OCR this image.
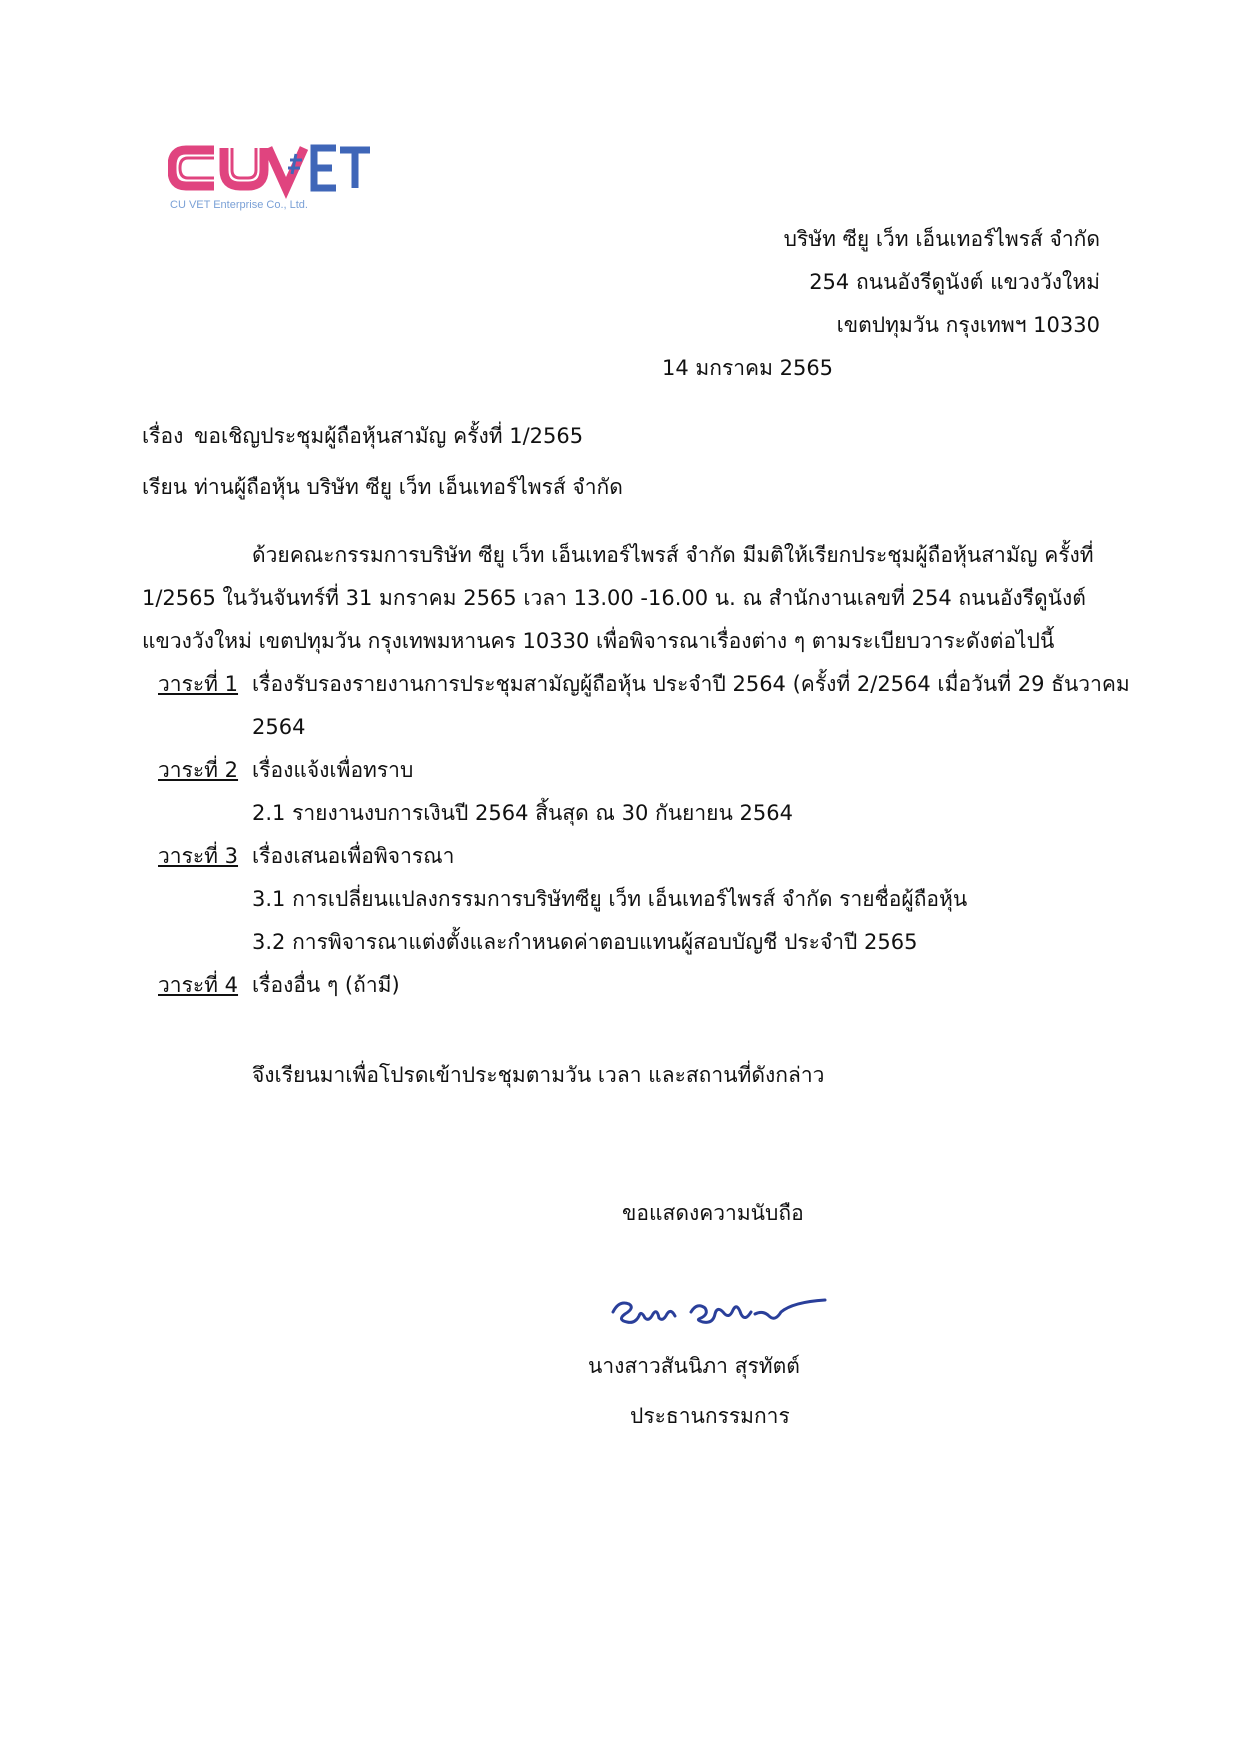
CU VET Enterprise Co., Ltd.
บริษัท ซียู เว็ท เอ็นเทอร์ไพรส์ จำกัด
254 ถนนอังรีดูนังต์ แขวงวังใหม่
เขตปทุมวัน กรุงเทพฯ 10330
14 มกราคม 2565
เรื่อง ขอเชิญประชุมผู้ถือหุ้นสามัญ ครั้งที่ 1/2565
เรียน ท่านผู้ถือหุ้น บริษัท ซียู เว็ท เอ็นเทอร์ไพรส์ จำกัด
ด้วยคณะกรรมการบริษัท ซียู เว็ท เอ็นเทอร์ไพรส์ จำกัด มีมติให้เรียกประชุมผู้ถือหุ้นสามัญ ครั้งที่
1/2565 ในวันจันทร์ที่ 31 มกราคม 2565 เวลา 13.00 -16.00 น. ณ สำนักงานเลขที่ 254 ถนนอังรีดูนังต์
แขวงวังใหม่ เขตปทุมวัน กรุงเทพมหานคร 10330 เพื่อพิจารณาเรื่องต่าง ๆ ตามระเบียบวาระดังต่อไปนี้
วาระที่ 1 เรื่องรับรองรายงานการประชุมสามัญผู้ถือหุ้น ประจำปี 2564 (ครั้งที่ 2/2564 เมื่อวันที่ 29 ธันวาคม
2564
วาระที่ 2 เรื่องแจ้งเพื่อทราบ
2.1 รายงานงบการเงินปี 2564 สิ้นสุด ณ 30 กันยายน 2564
วาระที่ 3 เรื่องเสนอเพื่อพิจารณา
3.1 การเปลี่ยนแปลงกรรมการบริษัทซียู เว็ท เอ็นเทอร์ไพรส์ จำกัด รายชื่อผู้ถือหุ้น
3.2 การพิจารณาแต่งตั้งและกำหนดค่าตอบแทนผู้สอบบัญชี ประจำปี 2565
วาระที่ 4 เรื่องอื่น ๆ (ถ้ามี)
จึงเรียนมาเพื่อโปรดเข้าประชุมตามวัน เวลา และสถานที่ดังกล่าว
ขอแสดงความนับถือ
นางสาวสันนิภา สุรทัตต์
ประธานกรรมการ
